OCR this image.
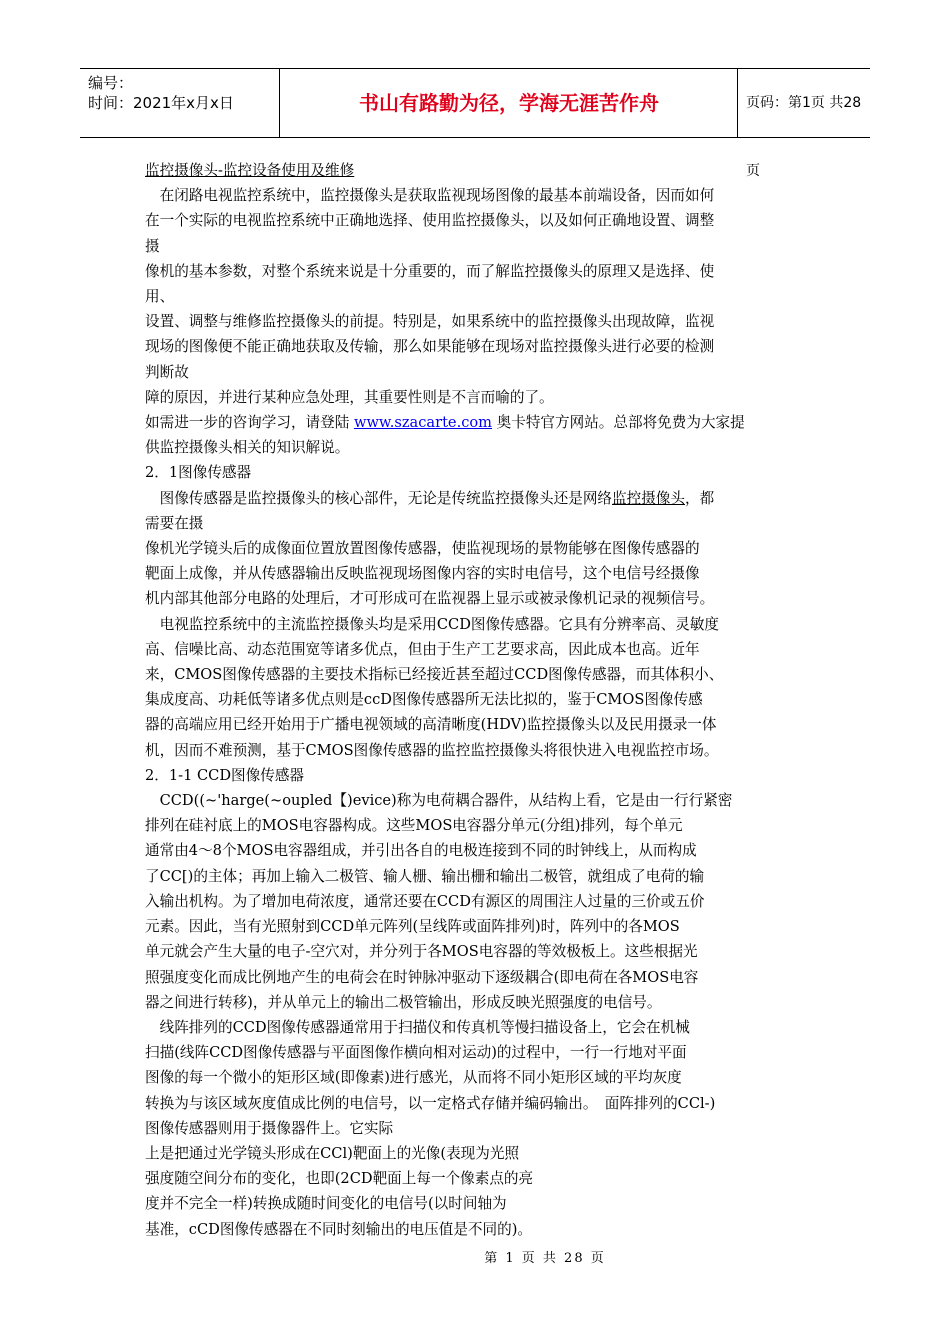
编号：
时间：2021年x月x日	书山有路勤为径，学海无涯苦作舟	页码：第1页 共28页
监控摄像头-监控设备使用及维修
　在闭路电视监控系统中，监控摄像头是获取监视现场图像的最基本前端设备，因而如何
在一个实际的电视监控系统中正确地选择、使用监控摄像头，以及如何正确地设置、调整
摄
像机的基本参数，对整个系统来说是十分重要的，而了解监控摄像头的原理又是选择、使
用、
设置、调整与维修监控摄像头的前提。特别是，如果系统中的监控摄像头出现故障，监视
现场的图像便不能正确地获取及传输，那么如果能够在现场对监控摄像头进行必要的检测
判断故
障的原因，并进行某种应急处理，其重要性则是不言而喻的了。
如需进一步的咨询学习，请登陆 www.szacarte.com 奥卡特官方网站。总部将免费为大家提
供监控摄像头相关的知识解说。
2．1图像传感器
　图像传感器是监控摄像头的核心部件，无论是传统监控摄像头还是网络监控摄像头，都
需要在摄
像机光学镜头后的成像面位置放置图像传感器，使监视现场的景物能够在图像传感器的
靶面上成像，并从传感器输出反映监视现场图像内容的实时电信号，这个电信号经摄像
机内部其他部分电路的处理后，才可形成可在监视器上显示或被录像机记录的视频信号。
　电视监控系统中的主流监控摄像头均是采用CCD图像传感器。它具有分辨率高、灵敏度
高、信噪比高、动态范围宽等诸多优点，但由于生产工艺要求高，因此成本也高。近年
来，CMOS图像传感器的主要技术指标已经接近甚至超过CCD图像传感器，而其体积小、
集成度高、功耗低等诸多优点则是ccD图像传感器所无法比拟的，鉴于CMOS图像传感
器的高端应用已经开始用于广播电视领域的高清晰度(HDV)监控摄像头以及民用摄录一体
机，因而不难预测，基于CMOS图像传感器的监控监控摄像头将很快进入电视监控市场。
2．1-1 CCD图像传感器
　CCD((~'harge(~oupled【)evice)称为电荷耦合器件，从结构上看，它是由一行行紧密
排列在硅衬底上的MOS电容器构成。这些MOS电容器分单元(分组)排列，每个单元
通常由4～8个MOS电容器组成，并引出各自的电极连接到不同的时钟线上，从而构成
了CC[)的主体；再加上输入二极管、输人栅、输出栅和输出二极管，就组成了电荷的输
入输出机构。为了增加电荷浓度，通常还要在CCD有源区的周围注人过量的三价或五价
元素。因此，当有光照射到CCD单元阵列(呈线阵或面阵排列)时，阵列中的各MOS
单元就会产生大量的电子-空穴对，并分列于各MOS电容器的等效极板上。这些根据光
照强度变化而成比例地产生的电荷会在时钟脉冲驱动下逐级耦合(即电荷在各MOS电容
器之间进行转移)，并从单元上的输出二极管输出，形成反映光照强度的电信号。
　线阵排列的CCD图像传感器通常用于扫描仪和传真机等慢扫描设备上，它会在机械
扫描(线阵CCD图像传感器与平面图像作横向相对运动)的过程中，一行一行地对平面
图像的每一个微小的矩形区域(即像素)进行感光，从而将不同小矩形区域的平均灰度
转换为与该区域灰度值成比例的电信号，以一定格式存储并编码输出。　面阵排列的CCl-)
图像传感器则用于摄像器件上。它实际
上是把通过光学镜头形成在CCl)靶面上的光像(表现为光照
强度随空间分布的变化，也即(2CD靶面上每一个像素点的亮
度并不完全一样)转换成随时间变化的电信号(以时间轴为
基准，cCD图像传感器在不同时刻输出的电压值是不同的)。
第 1 页 共 28 页
